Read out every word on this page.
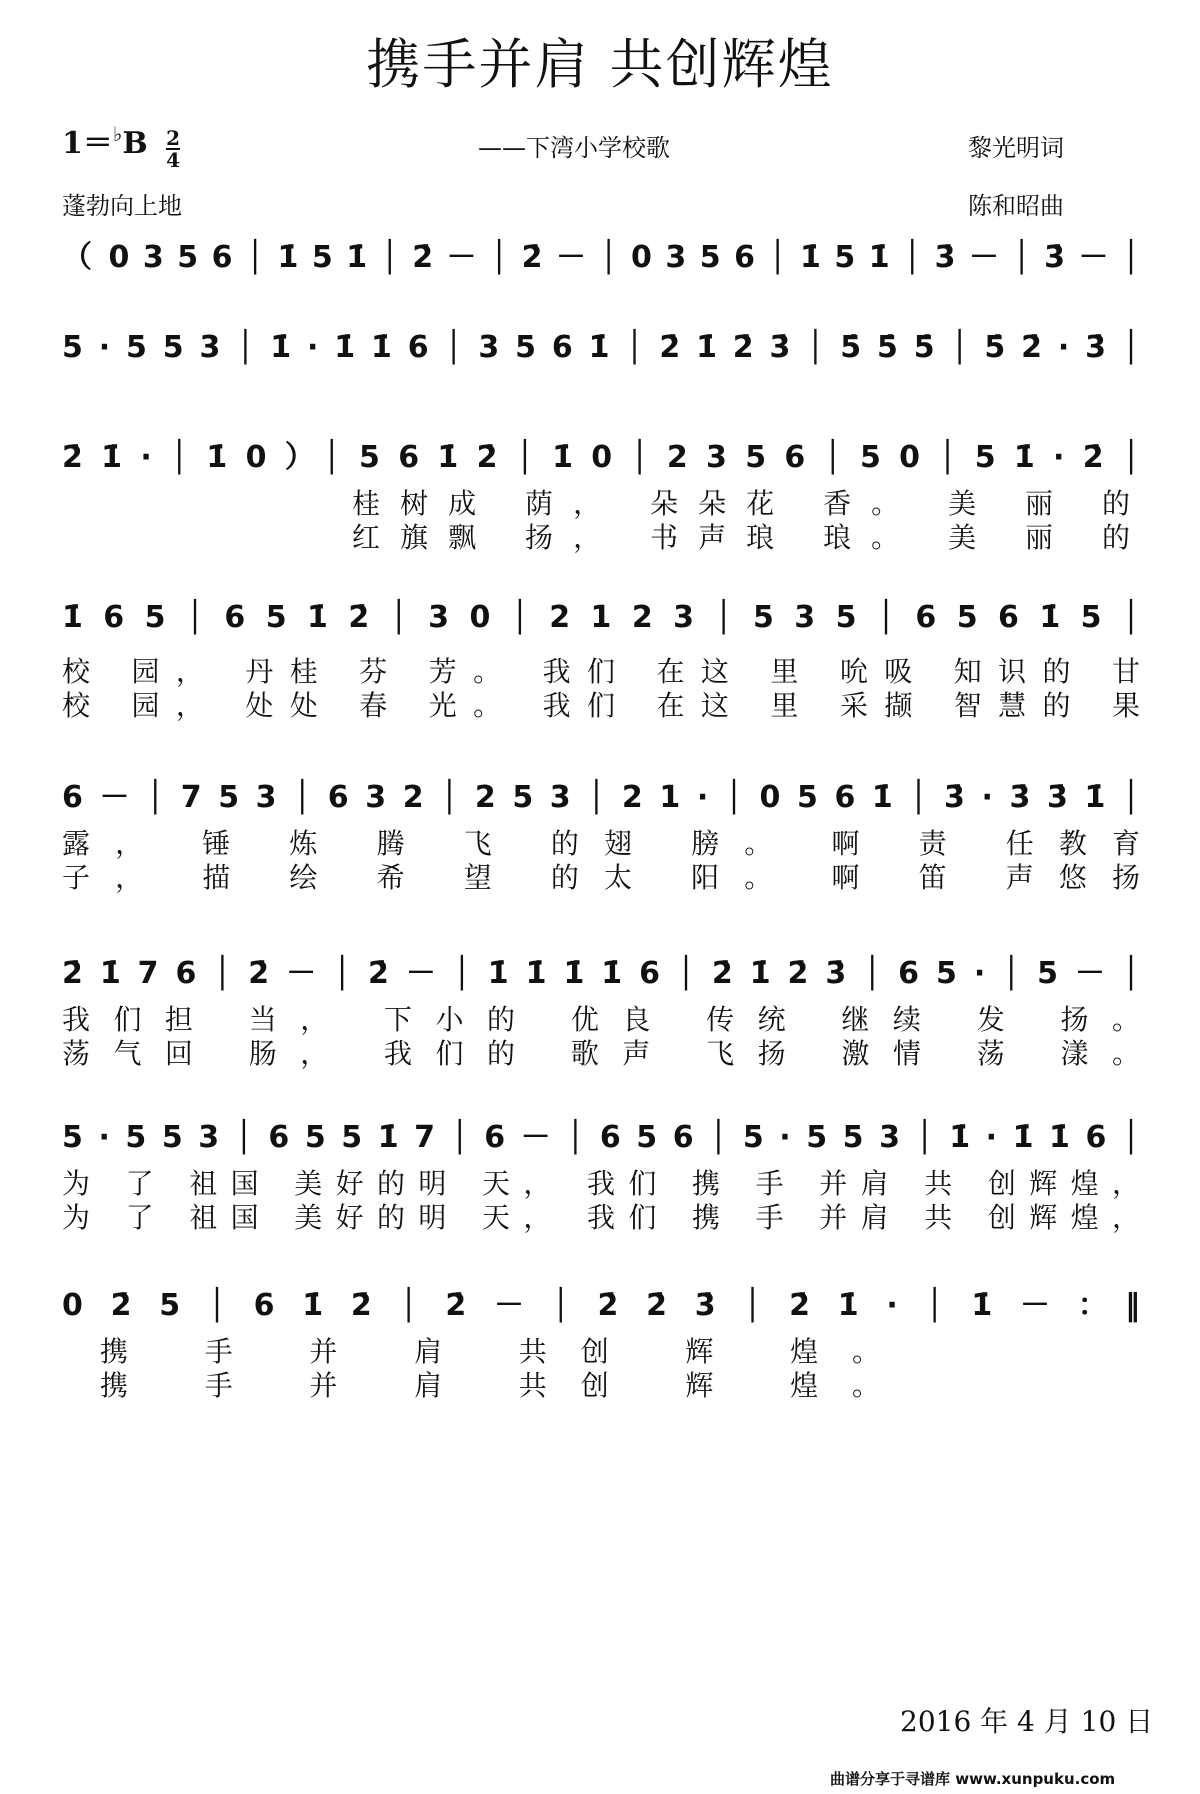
携手并肩 共创辉煌
$1=^♭B \frac{2}{4}$	——下湾小学校歌	黎光明词
蓬勃向上地	陈和昭曲
（ 0 3 5 6 │ 1̇ 5 1̇ │ 2̇ － │ 2̇ － │ 0 3 5 6 │ 1̇ 5 1̇ │ 3̇ － │ 3̇ － │
5 · 5 5 3 │ 1̇ · 1̇ 1̇ 6 │ 3 5 6 1̇ │ 2̇ 1̇ 2̇ 3̇ │ 5̇ 5̇ 5̇ │ 5̇ 2̇ · 3̇ │
2̇ 1̇ · │ 1̇ 0 ）│ 5 6 1̇ 2̇ │ 1̇ 0 │ 2 3 5 6 │ 5 0 │ 5 1̇ · 2̇ │
桂树成 荫， 朵朵花 香。 美 丽 的
红旗飘 扬， 书声琅 琅。 美 丽 的
1̇ 6 5 │ 6 5 1̇ 2̇ │ 3 0 │ 2 1 2 3 │ 5 3 5 │ 6 5 6 1̇ 5 │
校 园， 丹桂 芬 芳。 我们 在这 里 吮吸 知识的 甘
校 园， 处处 春 光。 我们 在这 里 采撷 智慧的 果
6 － │ 7 5 3 │ 6 3 2 │ 2 5 3 │ 2 1 · │ 0 5 6 1̇ │ 3̇ · 3̇ 3̇ 1̇ │
露， 锤 炼 腾 飞 的翅 膀。 啊 责 任教育
子， 描 绘 希 望 的太 阳。 啊 笛 声悠扬
2̇ 1̇ 7 6 │ 2̇ － │ 2̇ － │ 1̇ 1̇ 1̇ 1̇ 6 │ 2̇ 1̇ 2̇ 3̇ │ 6 5 · │ 5 － │
我们担 当， 下小的 优良 传统 继续 发 扬。
荡气回 肠， 我们的 歌声 飞扬 激情 荡 漾。
5 · 5 5 3 │ 6 5 5 1̇ 7 │ 6 － │ 6 5 6 │ 5 · 5 5 3 │ 1̇ · 1̇ 1̇ 6 │
为 了 祖国 美好的明 天， 我们 携 手 并肩 共 创辉煌，
为 了 祖国 美好的明 天， 我们 携 手 并肩 共 创辉煌，
0 2̇ 5 │ 6 1̇ 2̇ │ 2̇ － │ 2̇ 2̇ 3̇ │ 2̇ 1̇ · │ 1̇ － ：‖
携 手 并 肩 共创 辉 煌。
携 手 并 肩 共创 辉 煌。
2016 年 4 月 10 日
曲谱分享于寻谱库 www.xunpuku.com
